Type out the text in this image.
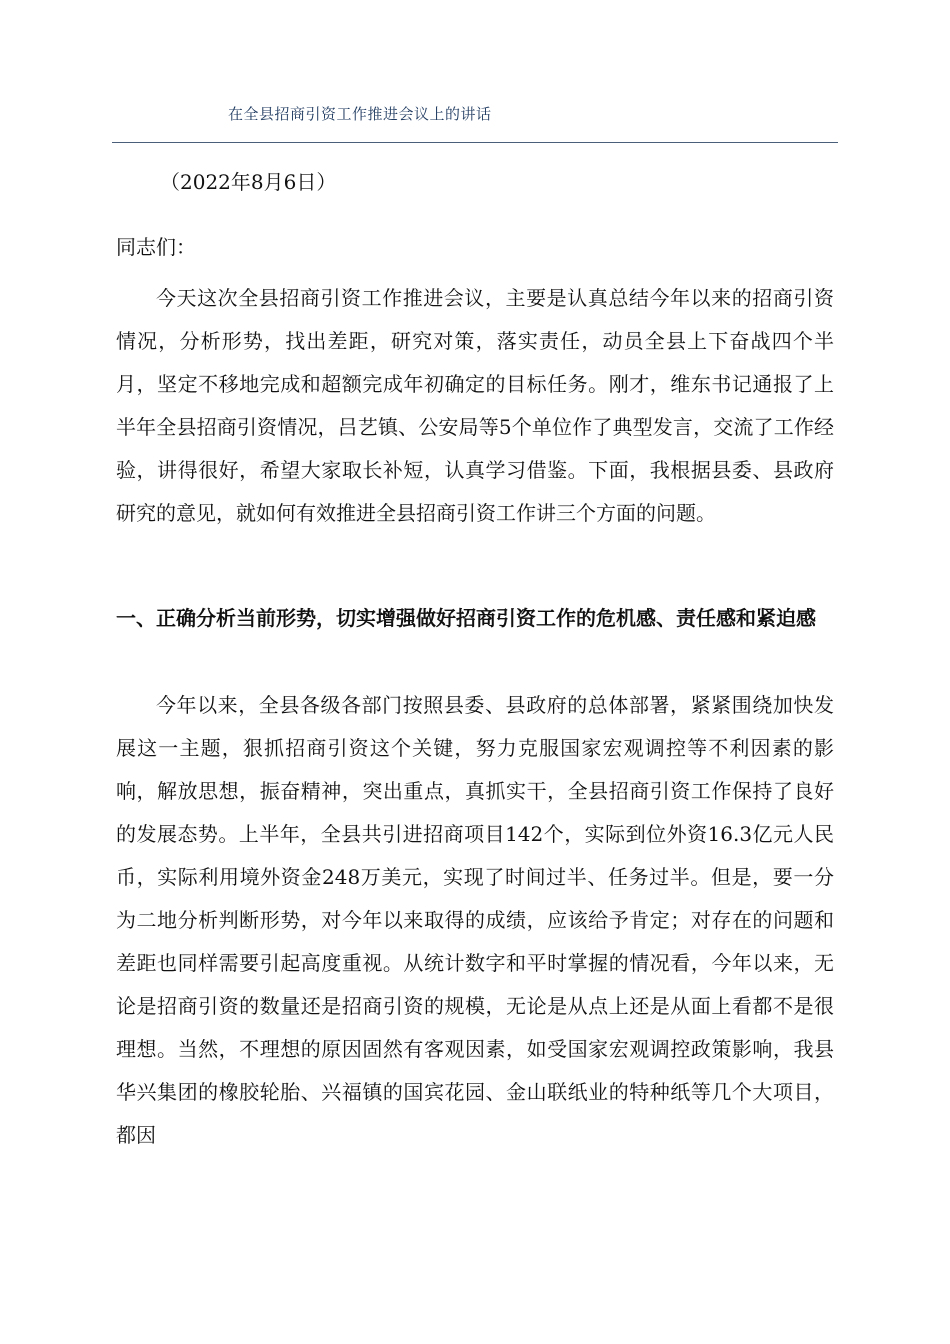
在全县招商引资工作推进会议上的讲话
（2022年8月6日）
同志们：

今天这次全县招商引资工作推进会议，主要是认真总结今年以来的招商引资情况，分析形势，找出差距，研究对策，落实责任，动员全县上下奋战四个半月，坚定不移地完成和超额完成年初确定的目标任务。刚才，维东书记通报了上半年全县招商引资情况，吕艺镇、公安局等5个单位作了典型发言，交流了工作经验，讲得很好，希望大家取长补短，认真学习借鉴。下面，我根据县委、县政府研究的意见，就如何有效推进全县招商引资工作讲三个方面的问题。

一、正确分析当前形势，切实增强做好招商引资工作的危机感、责任感和紧迫感

今年以来，全县各级各部门按照县委、县政府的总体部署，紧紧围绕加快发展这一主题，狠抓招商引资这个关键，努力克服国家宏观调控等不利因素的影响，解放思想，振奋精神，突出重点，真抓实干，全县招商引资工作保持了良好的发展态势。上半年，全县共引进招商项目142个，实际到位外资16.3亿元人民币，实际利用境外资金248万美元，实现了时间过半、任务过半。但是，要一分为二地分析判断形势，对今年以来取得的成绩，应该给予肯定；对存在的问题和差距也同样需要引起高度重视。从统计数字和平时掌握的情况看，今年以来，无论是招商引资的数量还是招商引资的规模，无论是从点上还是从面上看都不是很理想。当然，不理想的原因固然有客观因素，如受国家宏观调控政策影响，我县华兴集团的橡胶轮胎、兴福镇的国宾花园、金山联纸业的特种纸等几个大项目，都因
